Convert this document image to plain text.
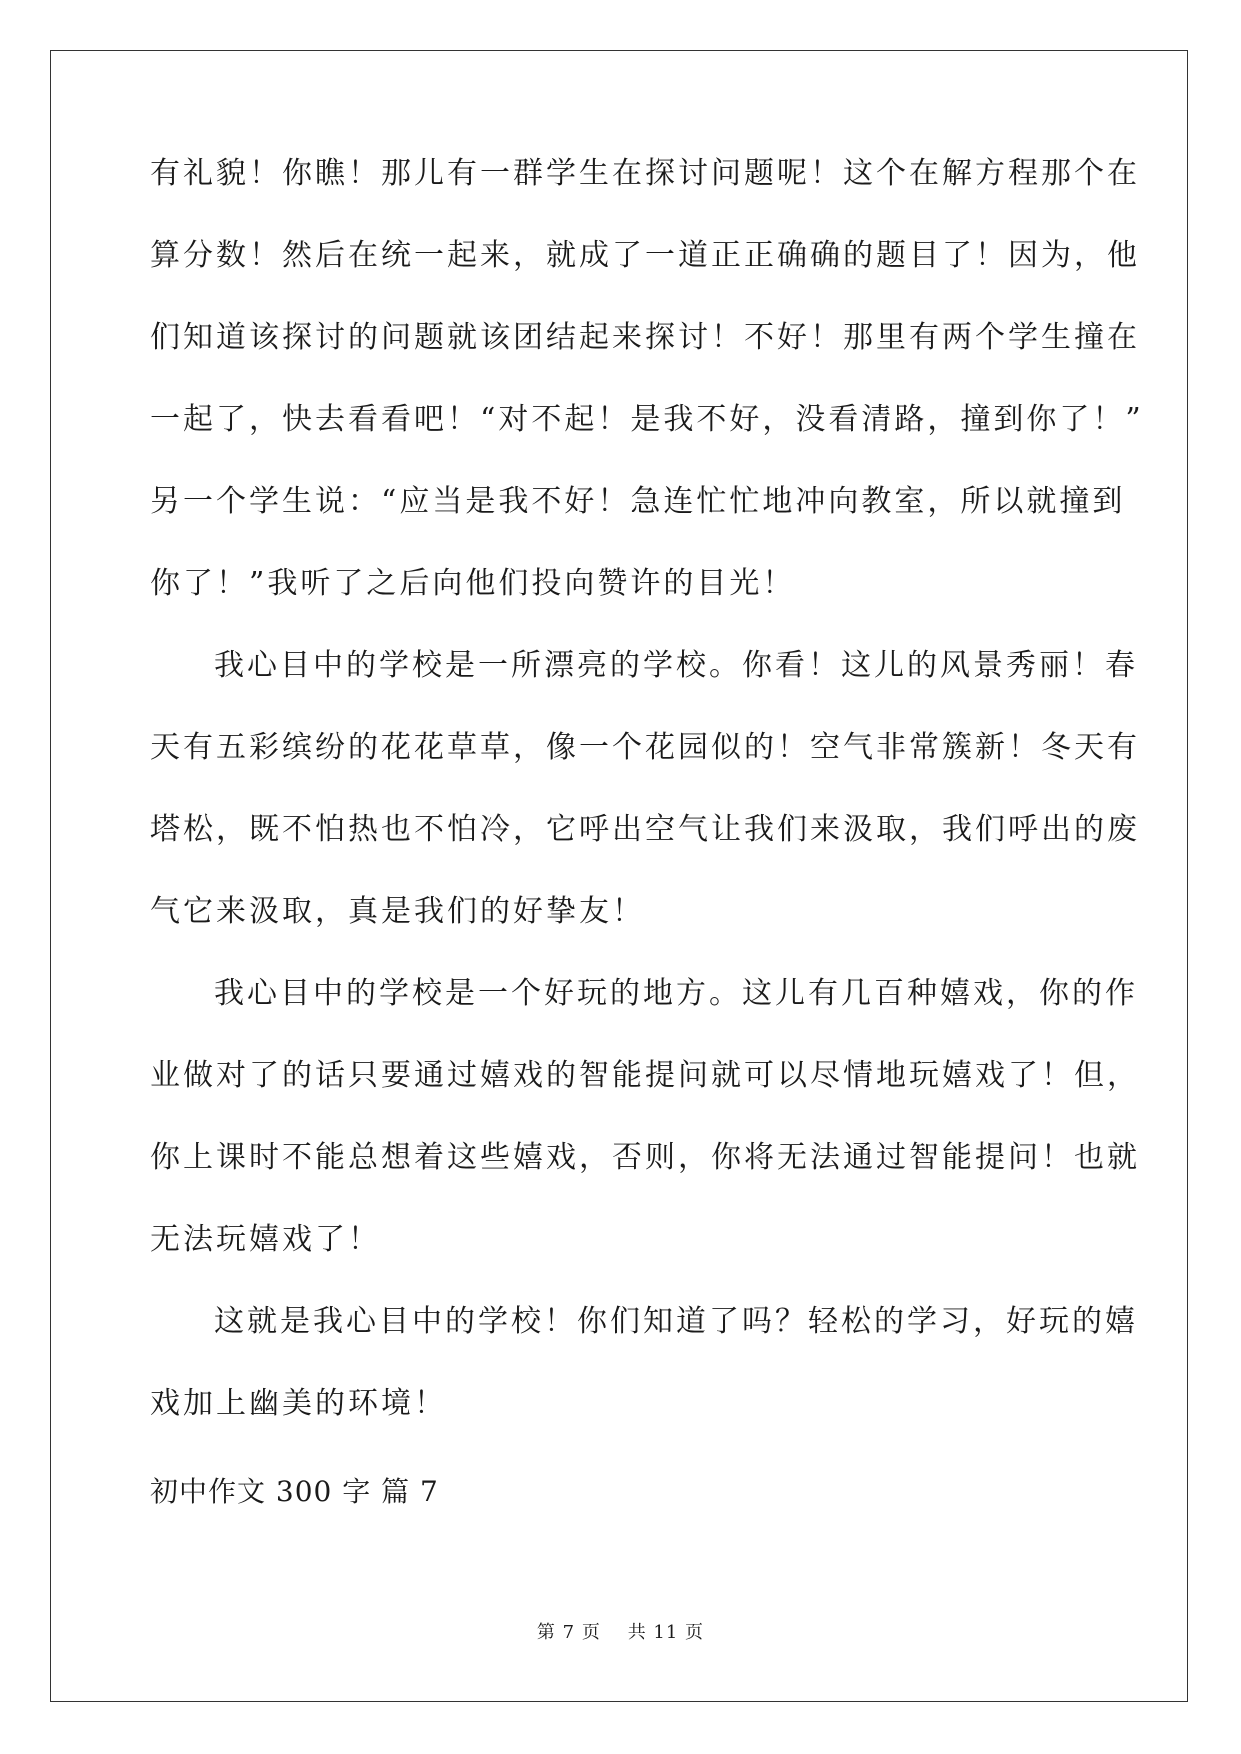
有礼貌！你瞧！那儿有一群学生在探讨问题呢！这个在解方程那个在
算分数！然后在统一起来，就成了一道正正确确的题目了！因为，他
们知道该探讨的问题就该团结起来探讨！不好！那里有两个学生撞在
一起了，快去看看吧！“对不起！是我不好，没看清路，撞到你了！”
另一个学生说：“应当是我不好！急连忙忙地冲向教室，所以就撞到
你了！”我听了之后向他们投向赞许的目光！
我心目中的学校是一所漂亮的学校。你看！这儿的风景秀丽！春
天有五彩缤纷的花花草草，像一个花园似的！空气非常簇新！冬天有
塔松，既不怕热也不怕冷，它呼出空气让我们来汲取，我们呼出的废
气它来汲取，真是我们的好挚友！
我心目中的学校是一个好玩的地方。这儿有几百种嬉戏，你的作
业做对了的话只要通过嬉戏的智能提问就可以尽情地玩嬉戏了！但，
你上课时不能总想着这些嬉戏，否则，你将无法通过智能提问！也就
无法玩嬉戏了！
这就是我心目中的学校！你们知道了吗？轻松的学习，好玩的嬉
戏加上幽美的环境！
初中作文 300 字 篇 7
第 7 页    共 11 页
